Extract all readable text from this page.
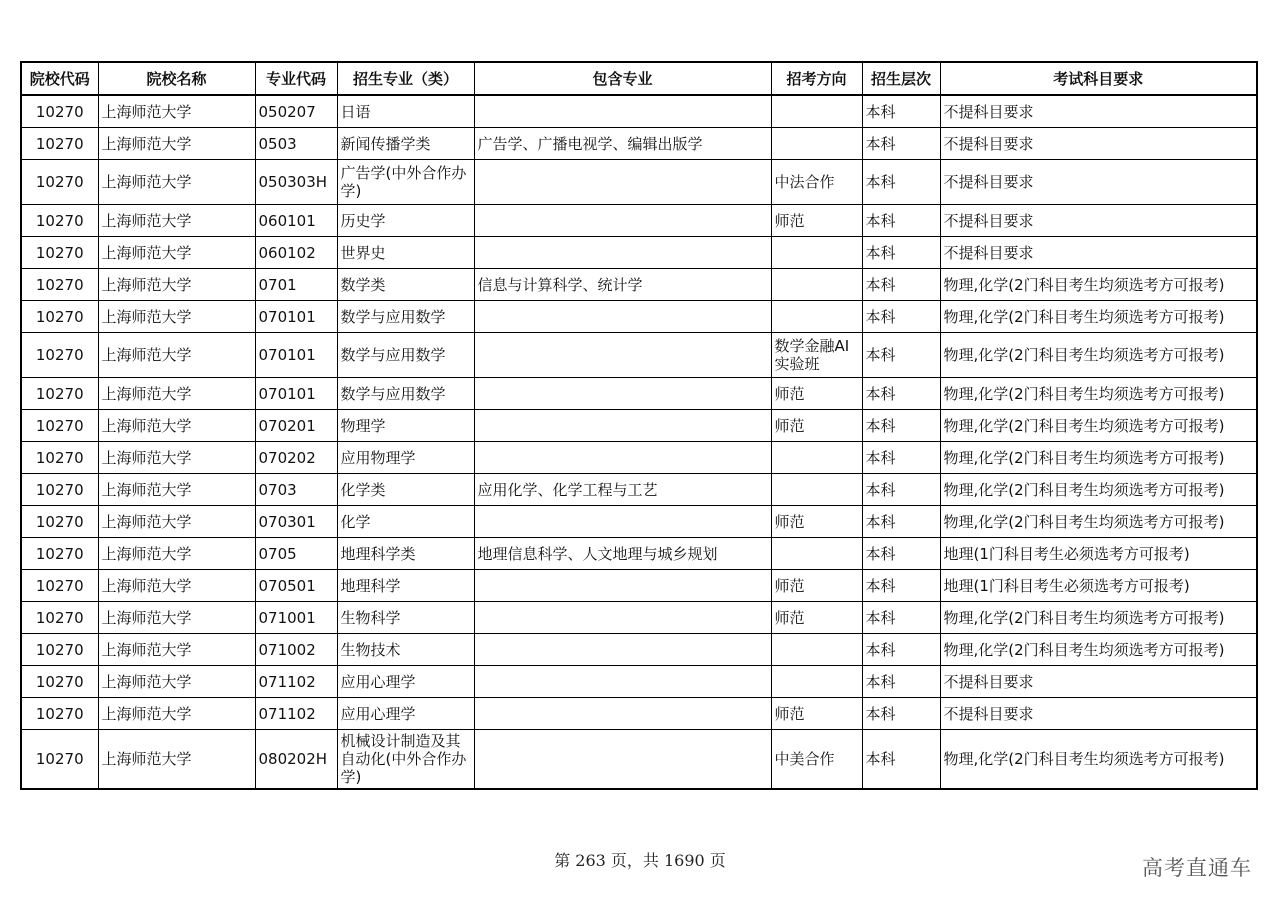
院校代码	院校名称	专业代码	招生专业（类）	包含专业	招考方向	招生层次	考试科目要求
10270	上海师范大学	050207	日语			本科	不提科目要求
10270	上海师范大学	0503	新闻传播学类	广告学、广播电视学、编辑出版学		本科	不提科目要求
10270	上海师范大学	050303H	广告学(中外合作办学)		中法合作	本科	不提科目要求
10270	上海师范大学	060101	历史学		师范	本科	不提科目要求
10270	上海师范大学	060102	世界史			本科	不提科目要求
10270	上海师范大学	0701	数学类	信息与计算科学、统计学		本科	物理,化学(2门科目考生均须选考方可报考)
10270	上海师范大学	070101	数学与应用数学			本科	物理,化学(2门科目考生均须选考方可报考)
10270	上海师范大学	070101	数学与应用数学		数学金融AI实验班	本科	物理,化学(2门科目考生均须选考方可报考)
10270	上海师范大学	070101	数学与应用数学		师范	本科	物理,化学(2门科目考生均须选考方可报考)
10270	上海师范大学	070201	物理学		师范	本科	物理,化学(2门科目考生均须选考方可报考)
10270	上海师范大学	070202	应用物理学			本科	物理,化学(2门科目考生均须选考方可报考)
10270	上海师范大学	0703	化学类	应用化学、化学工程与工艺		本科	物理,化学(2门科目考生均须选考方可报考)
10270	上海师范大学	070301	化学		师范	本科	物理,化学(2门科目考生均须选考方可报考)
10270	上海师范大学	0705	地理科学类	地理信息科学、人文地理与城乡规划		本科	地理(1门科目考生必须选考方可报考)
10270	上海师范大学	070501	地理科学		师范	本科	地理(1门科目考生必须选考方可报考)
10270	上海师范大学	071001	生物科学		师范	本科	物理,化学(2门科目考生均须选考方可报考)
10270	上海师范大学	071002	生物技术			本科	物理,化学(2门科目考生均须选考方可报考)
10270	上海师范大学	071102	应用心理学			本科	不提科目要求
10270	上海师范大学	071102	应用心理学		师范	本科	不提科目要求
10270	上海师范大学	080202H	机械设计制造及其自动化(中外合作办学)		中美合作	本科	物理,化学(2门科目考生均须选考方可报考)
第 263 页，共 1690 页	高考直通车
